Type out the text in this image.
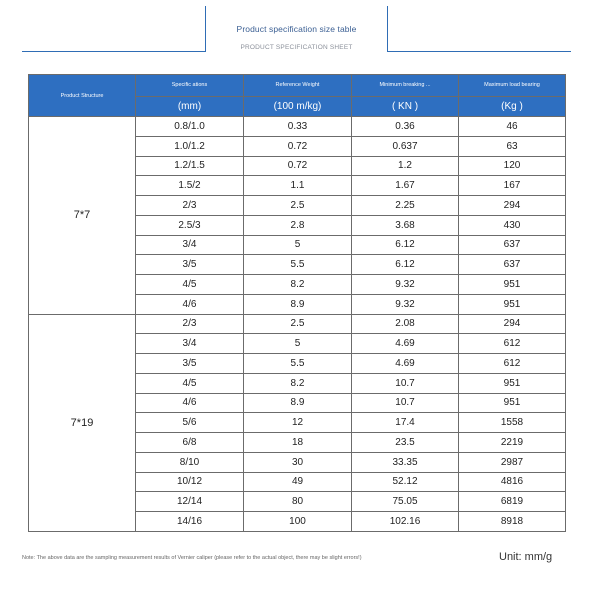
Product specification size table
PRODUCT SPECIFICATION SHEET
Product Structure	Specific ations	Reference Weight	Minimum breaking ...	Maximum load bearing
	(mm)	(100 m/kg)	( KN )	(Kg )
7*7	0.8/1.0	0.33	0.36	46
	1.0/1.2	0.72	0.637	63
	1.2/1.5	0.72	1.2	120
	1.5/2	1.1	1.67	167
	2/3	2.5	2.25	294
	2.5/3	2.8	3.68	430
	3/4	5	6.12	637
	3/5	5.5	6.12	637
	4/5	8.2	9.32	951
	4/6	8.9	9.32	951
7*19	2/3	2.5	2.08	294
	3/4	5	4.69	612
	3/5	5.5	4.69	612
	4/5	8.2	10.7	951
	4/6	8.9	10.7	951
	5/6	12	17.4	1558
	6/8	18	23.5	2219
	8/10	30	33.35	2987
	10/12	49	52.12	4816
	12/14	80	75.05	6819
	14/16	100	102.16	8918
Note: The above data are the sampling measurement results of Vernier caliper (please refer to the actual object, there may be slight errors!)	Unit: mm/g
